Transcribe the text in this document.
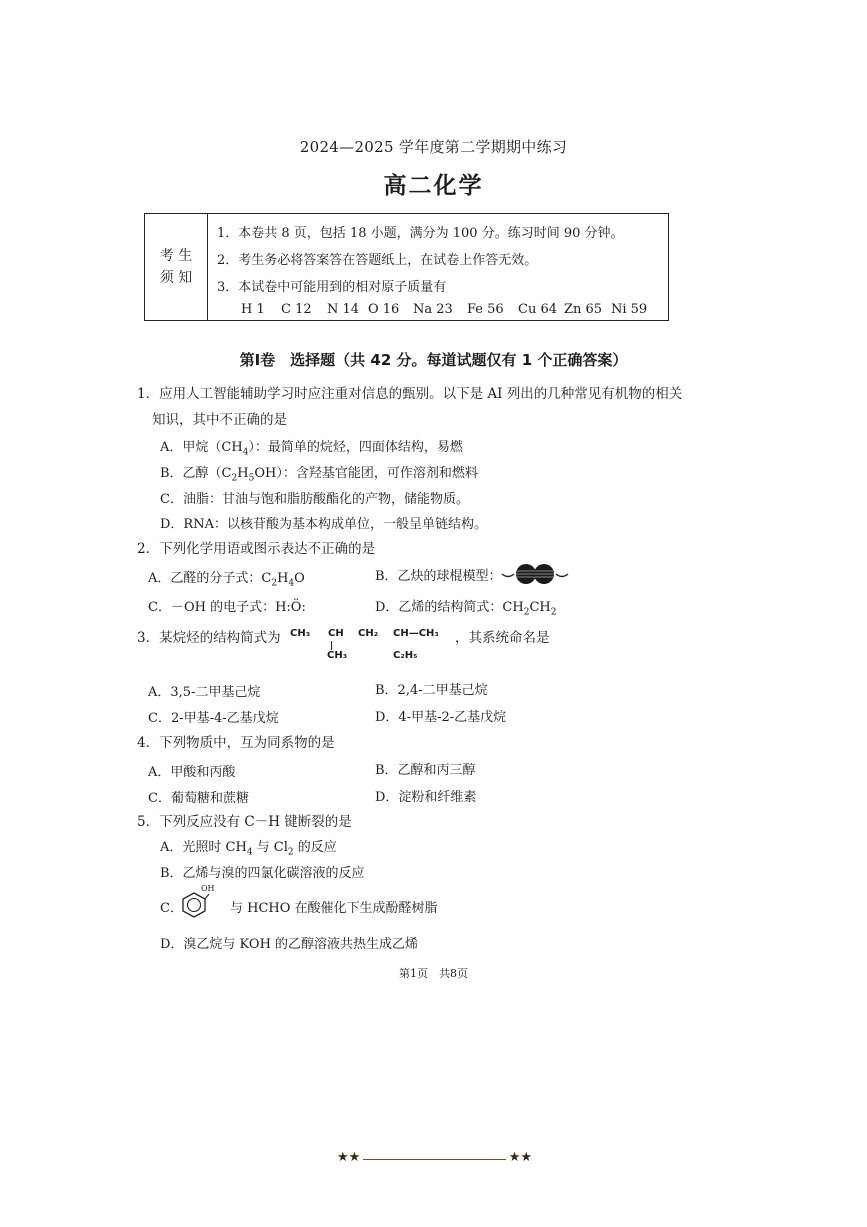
2024—2025 学年度第二学期期中练习
高二化学
考 生
须 知
1．本卷共 8 页，包括 18 小题，满分为 100 分。练习时间 90 分钟。
2．考生务必将答案答在答题纸上，在试卷上作答无效。
3．本试卷中可能用到的相对原子质量有
H 1 C 12 N 14 O 16 Na 23 Fe 56 Cu 64 Zn 65 Ni 59
第Ⅰ卷　选择题（共 42 分。每道试题仅有 1 个正确答案）
1．应用人工智能辅助学习时应注重对信息的甄别。以下是 AI 列出的几种常见有机物的相关
知识，其中不正确的是
A．甲烷$(CH_4)$：最简单的烷烃，四面体结构，易燃
B．乙醇$(C_2H_5OH)$：含羟基官能团，可作溶剂和燃料
C．油脂：甘油与饱和脂肪酸酯化的产物，储能物质。
D．RNA：以核苷酸为基本构成单位，一般呈单链结构。
2．下列化学用语或图示表达不正确的是
A．乙醛的分子式：$C_2H_4O$	B．乙炔的球棍模型：
C．－OH 的电子式：H:Ö:	D．乙烯的结构简式：$CH_2CH_2$
3．某烷烃的结构简式为 CH₃ CH CH₂ CH—CH₃
CH₃	C₂H₅
，其系统命名是
A．3,5-二甲基己烷	B．2,4-二甲基己烷
C．2-甲基-4-乙基戊烷	D．4-甲基-2-乙基戊烷
4．下列物质中，互为同系物的是
A．甲酸和丙酸	B．乙醇和丙三醇
C．葡萄糖和蔗糖	D．淀粉和纤维素
5．下列反应没有 C－H 键断裂的是
A．光照时 $CH_4$ 与 $Cl_2$ 的反应
B．乙烯与溴的四氯化碳溶液的反应
C．
OH
与 HCHO 在酸催化下生成酚醛树脂
D．溴乙烷与 KOH 的乙醇溶液共热生成乙烯
第1页　共8页
★★	★★
